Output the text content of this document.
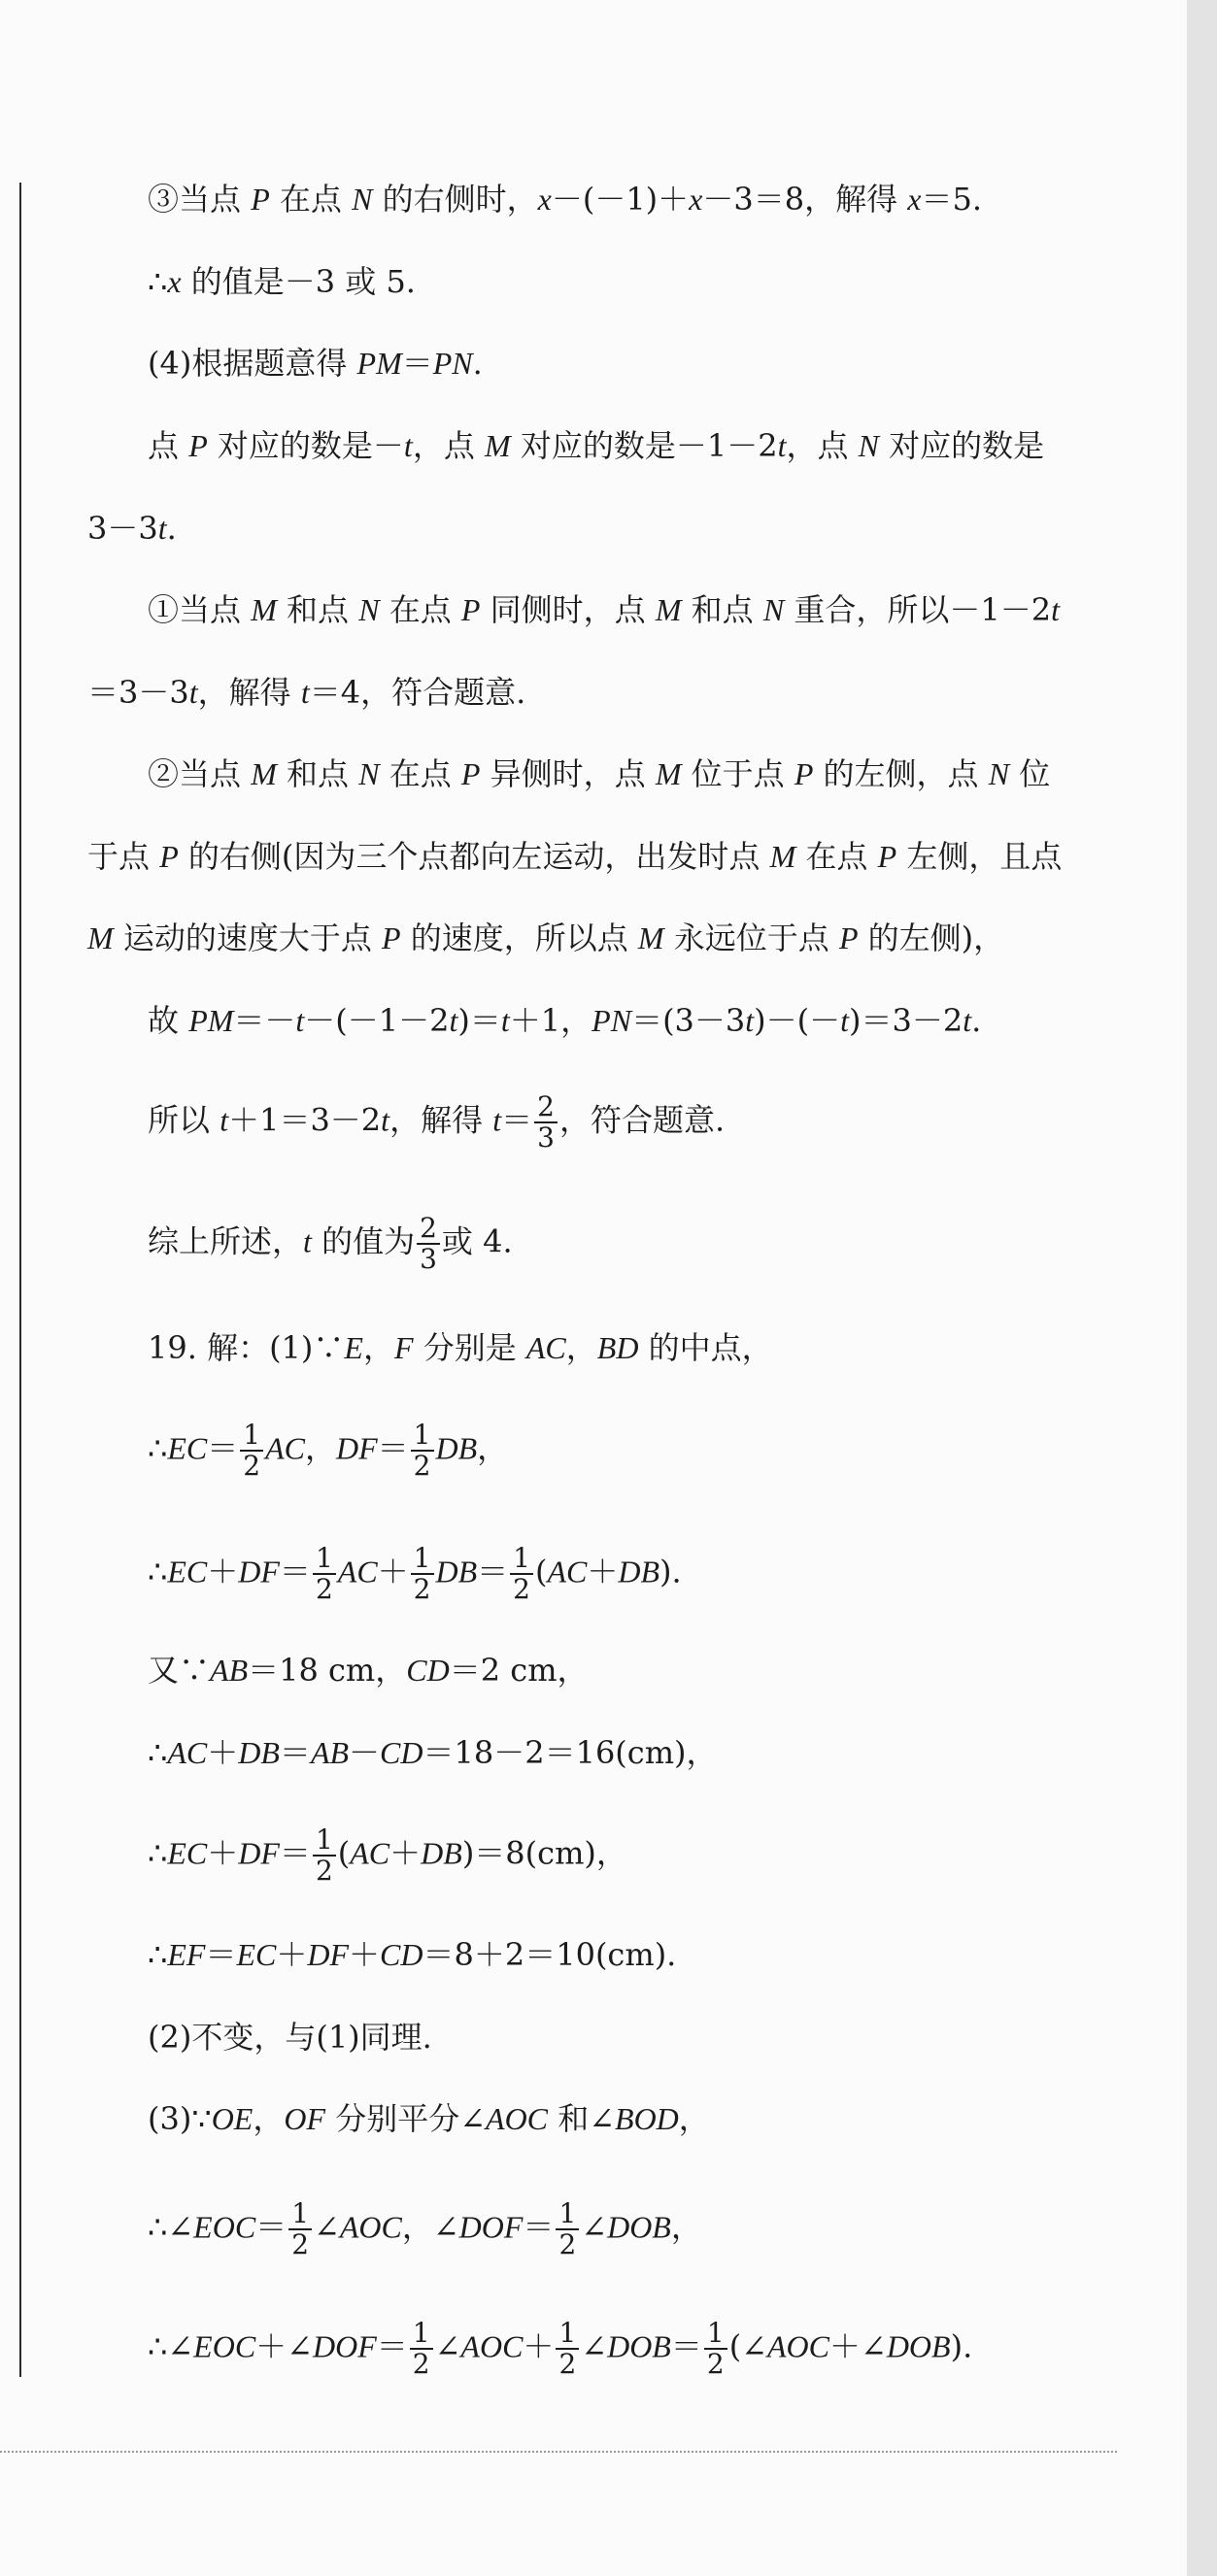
③当点 P 在点 N 的右侧时，x－(－1)＋x－3＝8，解得 x＝5.
∴x 的值是－3 或 5.
(4)根据题意得 PM＝PN.
点 P 对应的数是－t，点 M 对应的数是－1－2t，点 N 对应的数是
3－3t.
①当点 M 和点 N 在点 P 同侧时，点 M 和点 N 重合，所以－1－2t
＝3－3t，解得 t＝4，符合题意.
②当点 M 和点 N 在点 P 异侧时，点 M 位于点 P 的左侧，点 N 位
于点 P 的右侧(因为三个点都向左运动，出发时点 M 在点 P 左侧，且点
M 运动的速度大于点 P 的速度，所以点 M 永远位于点 P 的左侧)，
故 PM＝－t－(－1－2t)＝t＋1，PN＝(3－3t)－(－t)＝3－2t.
所以 t＋1＝3－2t，解得 $t= \frac{2}{3}$ ，符合题意.
综上所述，t 的值为 $\frac{2}{3}$ 或 4.
19. 解：(1)∵E，F 分别是 AC，BD 的中点，
∴EC＝ $\frac{1}{2}$ AC，$DF= \frac{1}{2}$ DB，
∴EC＋DF＝ $\frac{1}{2} AC+ \frac{1}{2} DB= \frac{1}{2} (AC+DB)$.
又∵AB＝18 cm，CD＝2 cm，
∴AC＋DB＝AB－CD＝18－2＝16(cm)，
∴EC＋DF＝ $\frac{1}{2} (AC+DB)=8(cm)$，
∴EF＝EC＋DF＋CD＝8＋2＝10(cm).
(2)不变，与(1)同理.
(3)∵OE，OF 分别平分∠AOC 和∠BOD，
∴∠EOC＝ $\frac{1}{2}$ ∠AOC，∠DOF＝ $\frac{1}{2}$ ∠DOB，
∴∠EOC＋∠DOF＝ $\frac{1}{2}$ ∠AOC＋ $\frac{1}{2}$ ∠DOB＝ $\frac{1}{2}$ (∠AOC＋∠DOB).
